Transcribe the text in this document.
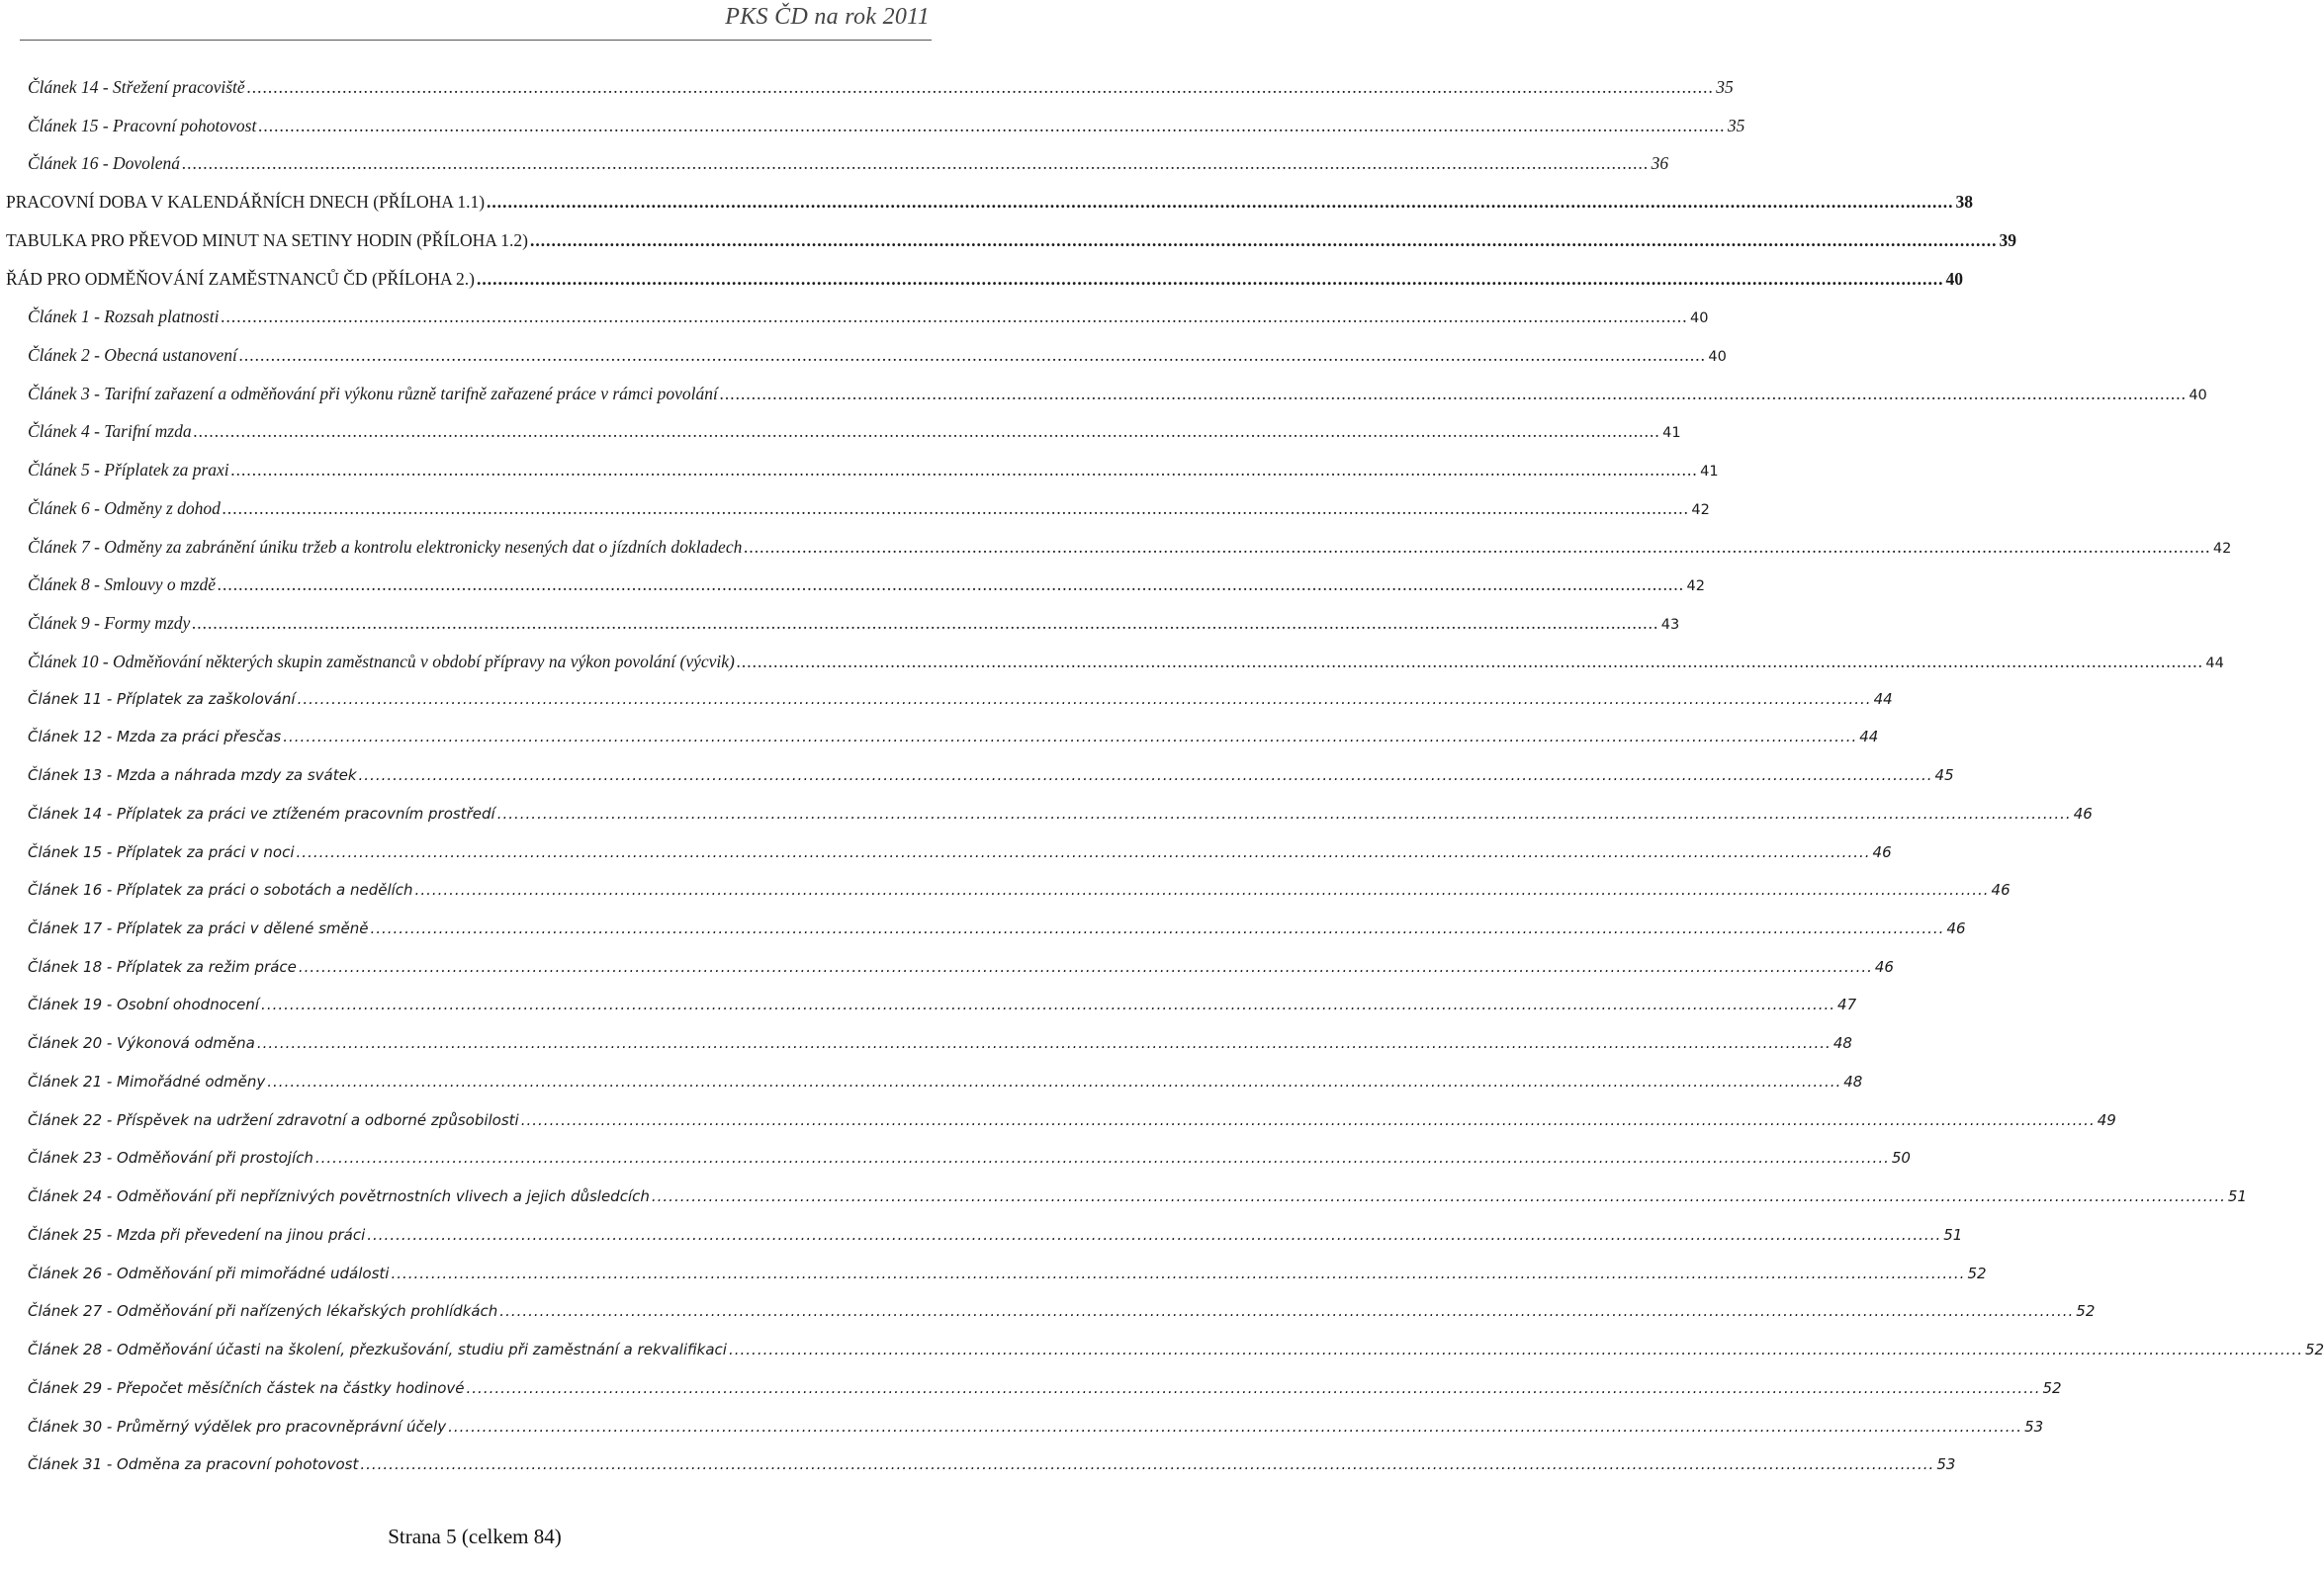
PKS ČD na rok 2011
Článek 14 - Střežení pracoviště .....	35
Článek 15 - Pracovní pohotovost .....	35
Článek 16 - Dovolená .....	36
PRACOVNÍ DOBA V KALENDÁŘNÍCH DNECH (PŘÍLOHA 1.1) .....	38
TABULKA PRO PŘEVOD MINUT NA SETINY HODIN (PŘÍLOHA 1.2) .....	39
ŘÁD PRO ODMĚŇOVÁNÍ ZAMĚSTNANCŮ ČD (PŘÍLOHA 2.) .....	40
Článek 1 - Rozsah platnosti .....	40
Článek 2 - Obecná ustanovení .....	40
Článek 3 - Tarifní zařazení a odměňování při výkonu různě tarifně zařazené práce v rámci povolání .....	40
Článek 4 - Tarifní mzda .....	41
Článek 5 - Příplatek za praxi .....	41
Článek 6 - Odměny z dohod .....	42
Článek 7 - Odměny za zabránění úniku tržeb a kontrolu elektronicky nesených dat o jízdních dokladech .....	42
Článek 8 - Smlouvy o mzdě .....	42
Článek 9 - Formy mzdy .....	43
Článek 10 - Odměňování některých skupin zaměstnanců v období přípravy na výkon povolání (výcvik) .....	44
Článek 11 - Příplatek za zaškolování .....	44
Článek 12 - Mzda za práci přesčas .....	44
Článek 13 - Mzda a náhrada mzdy za svátek .....	45
Článek 14 - Příplatek za práci ve ztíženém pracovním prostředí .....	46
Článek 15 - Příplatek za práci v noci .....	46
Článek 16 - Příplatek za práci o sobotách a nedělích .....	46
Článek 17 - Příplatek za práci v dělené směně .....	46
Článek 18 - Příplatek za režim práce .....	46
Článek 19 - Osobní ohodnocení .....	47
Článek 20 - Výkonová odměna .....	48
Článek 21 - Mimořádné odměny .....	48
Článek 22 - Příspěvek na udržení zdravotní a odborné způsobilosti .....	49
Článek 23 - Odměňování při prostojích .....	50
Článek 24 - Odměňování při nepříznivých povětrnostních vlivech a jejich důsledcích .....	51
Článek 25 - Mzda při převedení na jinou práci .....	51
Článek 26 - Odměňování při mimořádné události .....	52
Článek 27 - Odměňování při nařízených lékařských prohlídkách .....	52
Článek 28 - Odměňování účasti na školení, přezkušování, studiu při zaměstnání a rekvalifikaci .....	52
Článek 29 - Přepočet měsíčních částek na částky hodinové .....	52
Článek 30 - Průměrný výdělek pro pracovněprávní účely .....	53
Článek 31 - Odměna za pracovní pohotovost .....	53
Strana 5 (celkem 84)
